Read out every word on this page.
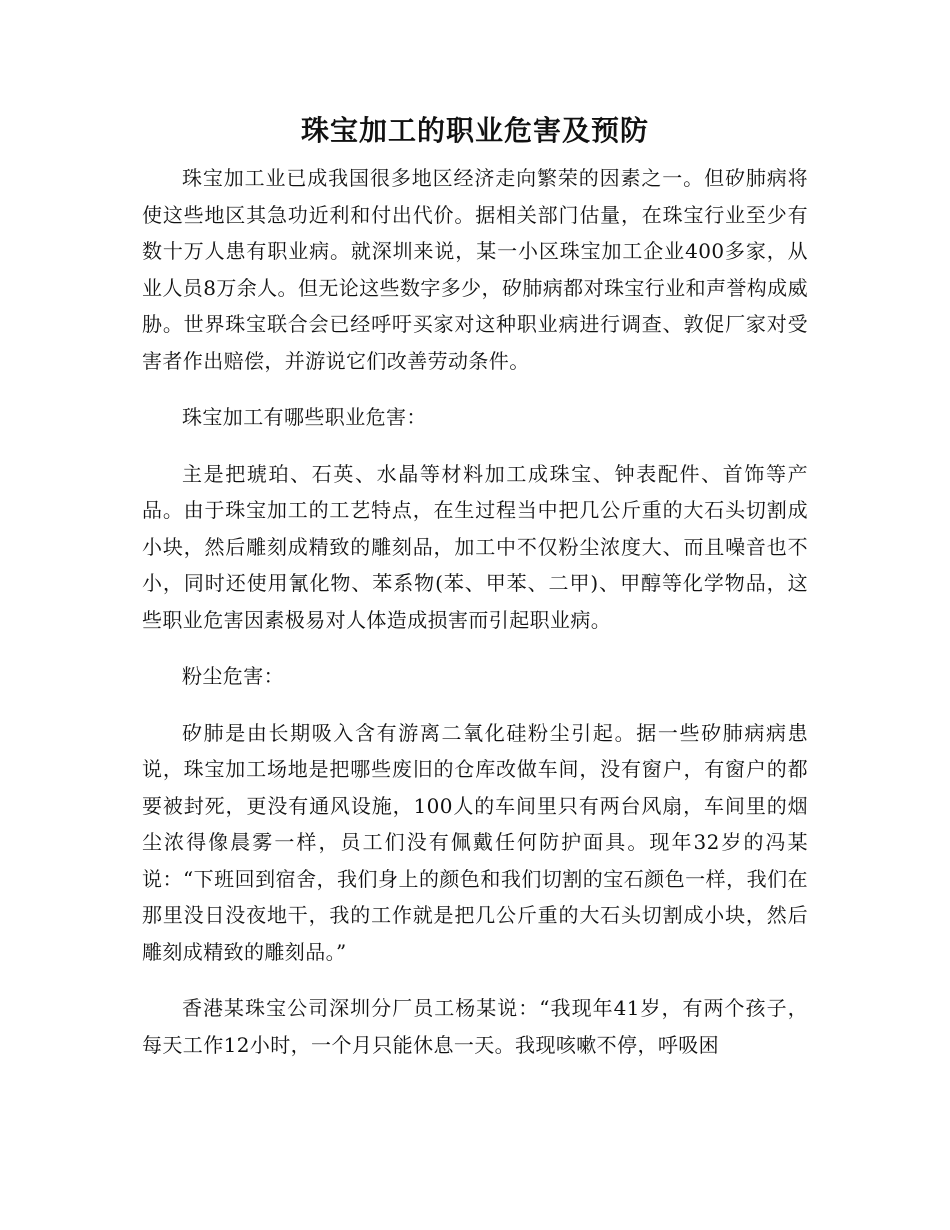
珠宝加工的职业危害及预防

珠宝加工业已成我国很多地区经济走向繁荣的因素之一。但矽肺病将使这些地区其急功近利和付出代价。据相关部门估量，在珠宝行业至少有数十万人患有职业病。就深圳来说，某一小区珠宝加工企业400多家，从业人员8万余人。但无论这些数字多少，矽肺病都对珠宝行业和声誉构成威胁。世界珠宝联合会已经呼吁买家对这种职业病进行调查、敦促厂家对受害者作出赔偿，并游说它们改善劳动条件。

珠宝加工有哪些职业危害：

主是把琥珀、石英、水晶等材料加工成珠宝、钟表配件、首饰等产品。由于珠宝加工的工艺特点，在生过程当中把几公斤重的大石头切割成小块，然后雕刻成精致的雕刻品，加工中不仅粉尘浓度大、而且噪音也不小，同时还使用氰化物、苯系物(苯、甲苯、二甲)、甲醇等化学物品，这些职业危害因素极易对人体造成损害而引起职业病。

粉尘危害：

矽肺是由长期吸入含有游离二氧化硅粉尘引起。据一些矽肺病病患说，珠宝加工场地是把哪些废旧的仓库改做车间，没有窗户，有窗户的都要被封死，更没有通风设施，100人的车间里只有两台风扇，车间里的烟尘浓得像晨雾一样，员工们没有佩戴任何防护面具。现年32岁的冯某说：“下班回到宿舍，我们身上的颜色和我们切割的宝石颜色一样，我们在那里没日没夜地干，我的工作就是把几公斤重的大石头切割成小块，然后雕刻成精致的雕刻品。”

香港某珠宝公司深圳分厂员工杨某说：“我现年41岁，有两个孩子，每天工作12小时，一个月只能休息一天。我现咳嗽不停，呼吸困
